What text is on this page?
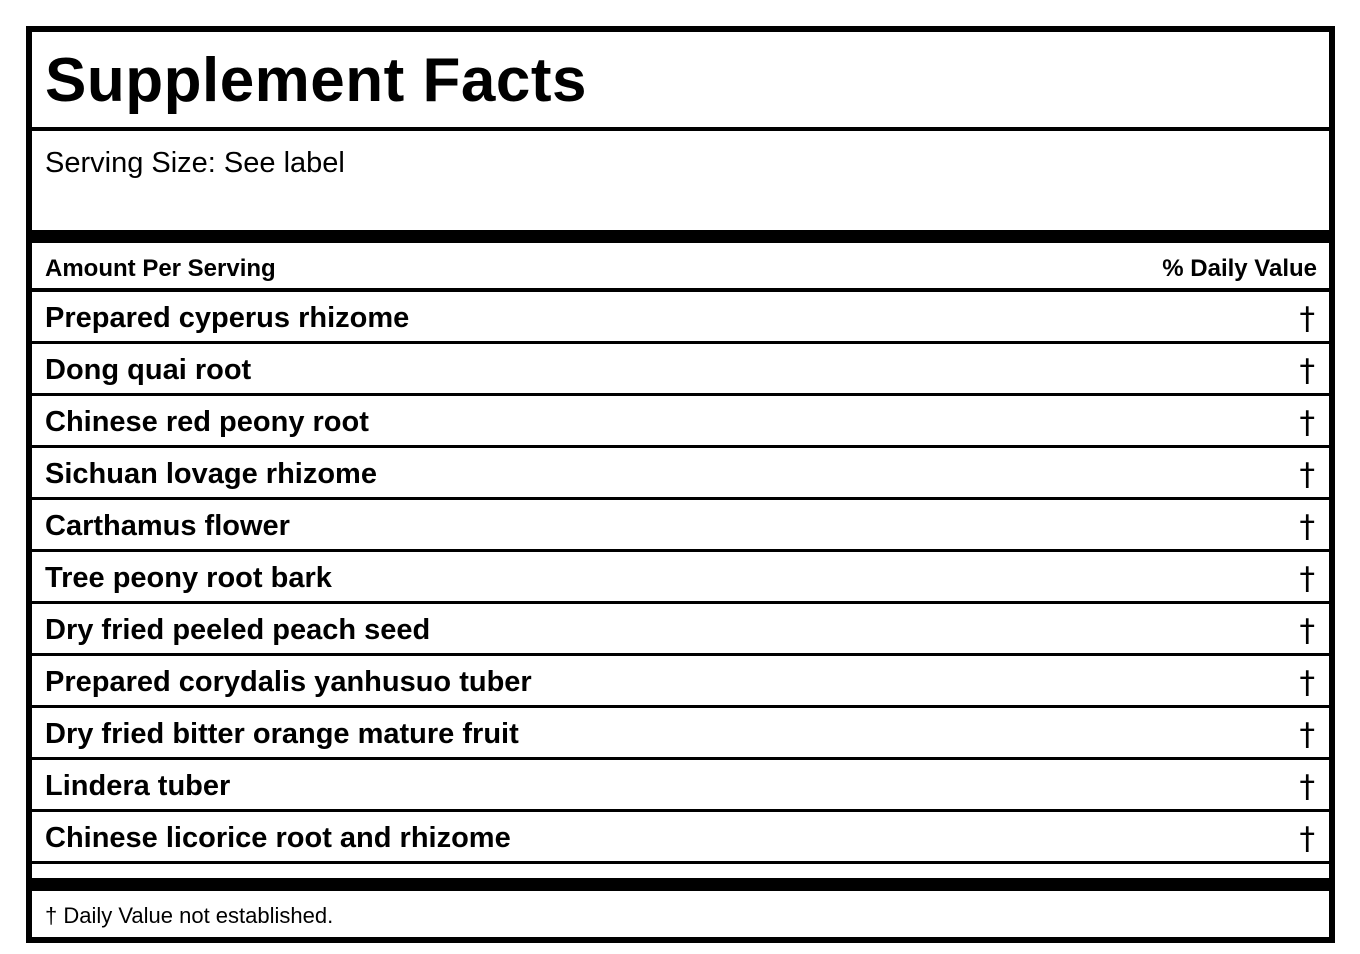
Supplement Facts
Serving Size: See label
Amount Per Serving	% Daily Value
Prepared cyperus rhizome	†
Dong quai root	†
Chinese red peony root	†
Sichuan lovage rhizome	†
Carthamus flower	†
Tree peony root bark	†
Dry fried peeled peach seed	†
Prepared corydalis yanhusuo tuber	†
Dry fried bitter orange mature fruit	†
Lindera tuber	†
Chinese licorice root and rhizome	†
† Daily Value not established.
